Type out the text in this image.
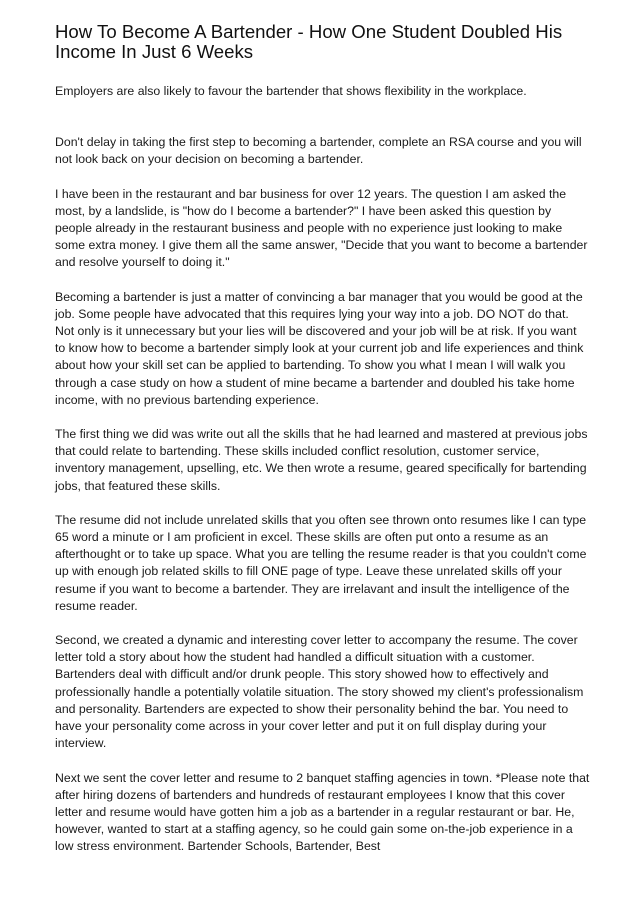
How To Become A Bartender - How One Student Doubled His Income In Just 6 Weeks

Employers are also likely to favour the bartender that shows flexibility in the workplace.

Don't delay in taking the first step to becoming a bartender, complete an RSA course and you will not look back on your decision on becoming a bartender.

I have been in the restaurant and bar business for over 12 years. The question I am asked the most, by a landslide, is "how do I become a bartender?" I have been asked this question by people already in the restaurant business and people with no experience just looking to make some extra money. I give them all the same answer, "Decide that you want to become a bartender and resolve yourself to doing it."

Becoming a bartender is just a matter of convincing a bar manager that you would be good at the job. Some people have advocated that this requires lying your way into a job. DO NOT do that. Not only is it unnecessary but your lies will be discovered and your job will be at risk. If you want to know how to become a bartender simply look at your current job and life experiences and think about how your skill set can be applied to bartending. To show you what I mean I will walk you through a case study on how a student of mine became a bartender and doubled his take home income, with no previous bartending experience.

The first thing we did was write out all the skills that he had learned and mastered at previous jobs that could relate to bartending. These skills included conflict resolution, customer service, inventory management, upselling, etc. We then wrote a resume, geared specifically for bartending jobs, that featured these skills.

The resume did not include unrelated skills that you often see thrown onto resumes like I can type 65 word a minute or I am proficient in excel. These skills are often put onto a resume as an afterthought or to take up space. What you are telling the resume reader is that you couldn't come up with enough job related skills to fill ONE page of type. Leave these unrelated skills off your resume if you want to become a bartender. They are irrelavant and insult the intelligence of the resume reader.

Second, we created a dynamic and interesting cover letter to accompany the resume. The cover letter told a story about how the student had handled a difficult situation with a customer. Bartenders deal with difficult and/or drunk people. This story showed how to effectively and professionally handle a potentially volatile situation. The story showed my client's professionalism and personality. Bartenders are expected to show their personality behind the bar. You need to have your personality come across in your cover letter and put it on full display during your interview.

Next we sent the cover letter and resume to 2 banquet staffing agencies in town. *Please note that after hiring dozens of bartenders and hundreds of restaurant employees I know that this cover letter and resume would have gotten him a job as a bartender in a regular restaurant or bar. He, however, wanted to start at a staffing agency, so he could gain some on-the-job experience in a low stress environment. Bartender Schools, Bartender, Best
